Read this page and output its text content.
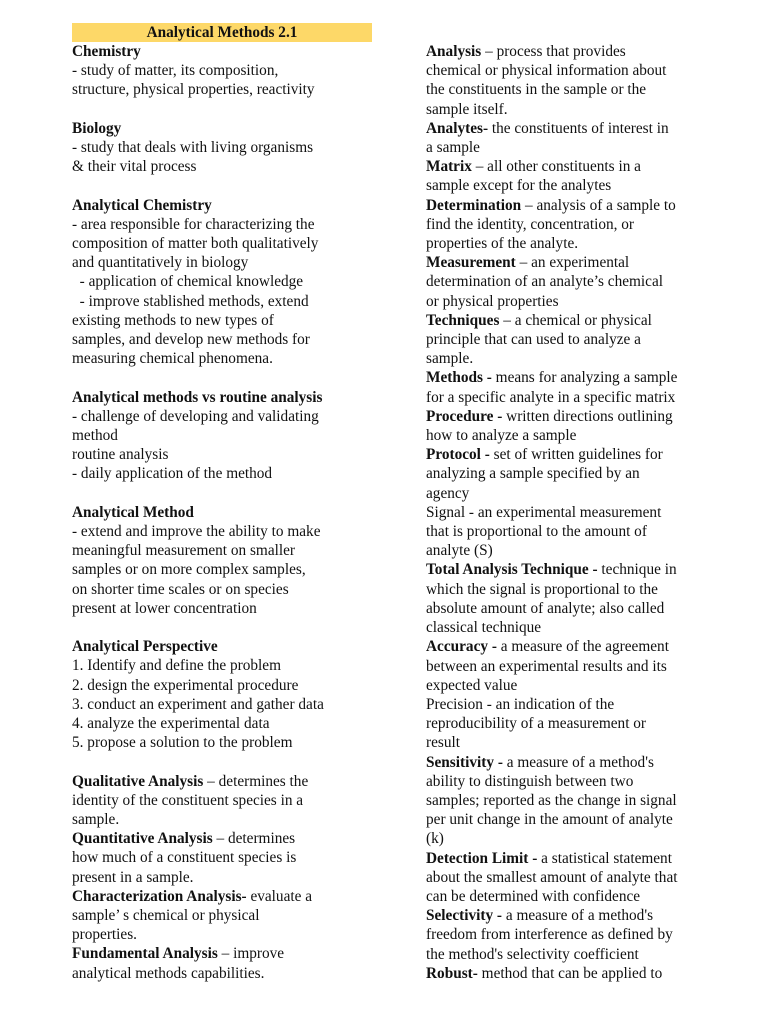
Analytical Methods 2.1
Chemistry
- study of matter, its composition,
structure, physical properties, reactivity
Biology
- study that deals with living organisms
& their vital process
Analytical Chemistry
- area responsible for characterizing the
composition of matter both qualitatively
and quantitatively in biology
- application of chemical knowledge
- improve stablished methods, extend
existing methods to new types of
samples, and develop new methods for
measuring chemical phenomena.
Analytical methods vs routine analysis
- challenge of developing and validating
method
routine analysis
- daily application of the method
Analytical Method
- extend and improve the ability to make
meaningful measurement on smaller
samples or on more complex samples,
on shorter time scales or on species
present at lower concentration
Analytical Perspective
1. Identify and define the problem
2. design the experimental procedure
3. conduct an experiment and gather data
4. analyze the experimental data
5. propose a solution to the problem
Qualitative Analysis – determines the
identity of the constituent species in a
sample.
Quantitative Analysis – determines
how much of a constituent species is
present in a sample.
Characterization Analysis- evaluate a
sample’ s chemical or physical
properties.
Fundamental Analysis – improve
analytical methods capabilities.
Analysis – process that provides
chemical or physical information about
the constituents in the sample or the
sample itself.
Analytes- the constituents of interest in
a sample
Matrix – all other constituents in a
sample except for the analytes
Determination – analysis of a sample to
find the identity, concentration, or
properties of the analyte.
Measurement – an experimental
determination of an analyte’s chemical
or physical properties
Techniques – a chemical or physical
principle that can used to analyze a
sample.
Methods - means for analyzing a sample
for a specific analyte in a specific matrix
Procedure - written directions outlining
how to analyze a sample
Protocol - set of written guidelines for
analyzing a sample specified by an
agency
Signal - an experimental measurement
that is proportional to the amount of
analyte (S)
Total Analysis Technique - technique in
which the signal is proportional to the
absolute amount of analyte; also called
classical technique
Accuracy - a measure of the agreement
between an experimental results and its
expected value
Precision - an indication of the
reproducibility of a measurement or
result
Sensitivity - a measure of a method's
ability to distinguish between two
samples; reported as the change in signal
per unit change in the amount of analyte
(k)
Detection Limit - a statistical statement
about the smallest amount of analyte that
can be determined with confidence
Selectivity - a measure of a method's
freedom from interference as defined by
the method's selectivity coefficient
Robust- method that can be applied to
